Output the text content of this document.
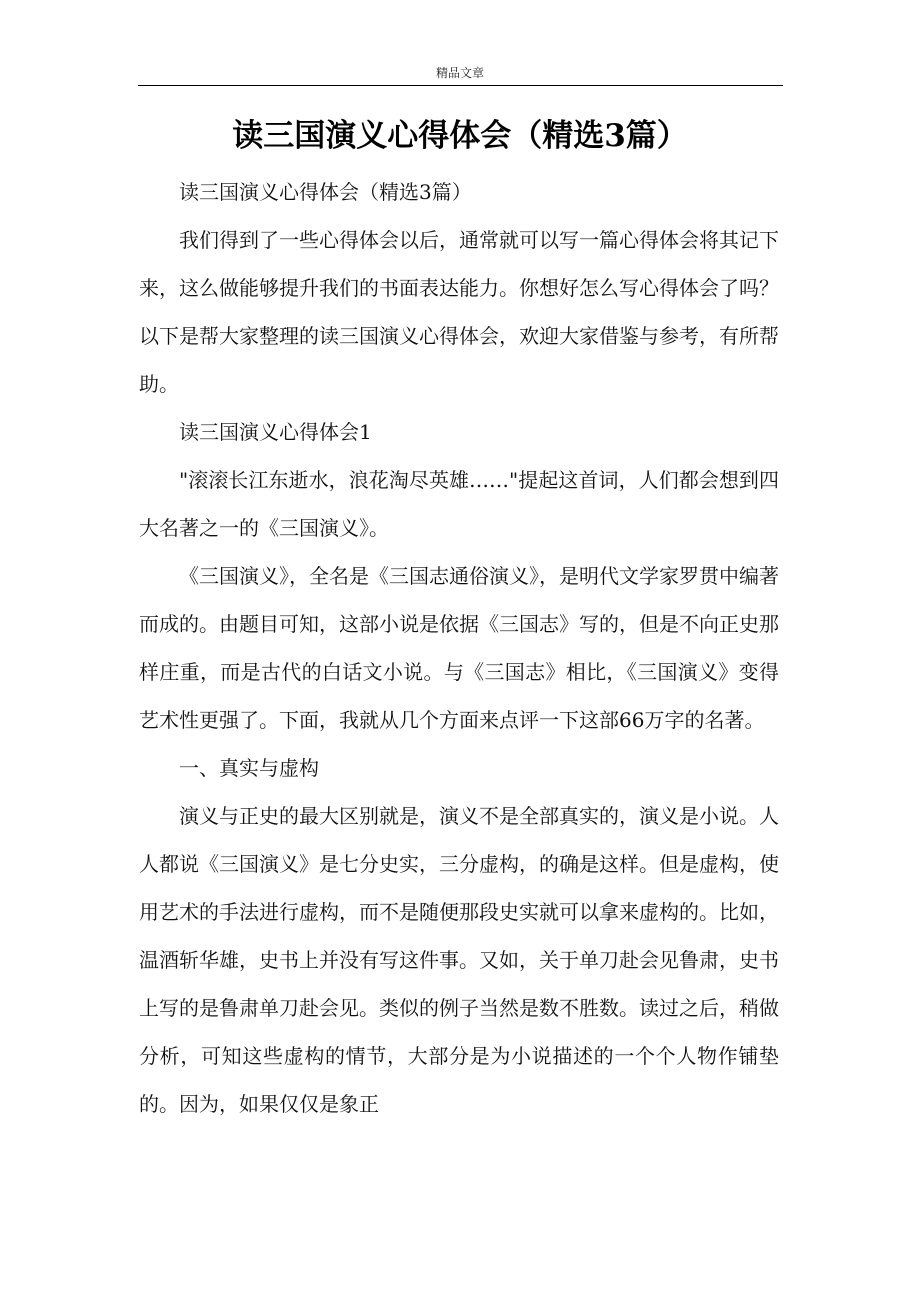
精品文章
读三国演义心得体会（精选3篇）

读三国演义心得体会（精选3篇）

我们得到了一些心得体会以后，通常就可以写一篇心得体会将其记下来，这么做能够提升我们的书面表达能力。你想好怎么写心得体会了吗？以下是帮大家整理的读三国演义心得体会，欢迎大家借鉴与参考，有所帮助。

读三国演义心得体会1

"滚滚长江东逝水，浪花淘尽英雄……"提起这首词，人们都会想到四大名著之一的《三国演义》。

《三国演义》，全名是《三国志通俗演义》，是明代文学家罗贯中编著而成的。由题目可知，这部小说是依据《三国志》写的，但是不向正史那样庄重，而是古代的白话文小说。与《三国志》相比，《三国演义》变得艺术性更强了。下面，我就从几个方面来点评一下这部66万字的名著。

一、真实与虚构

演义与正史的最大区别就是，演义不是全部真实的，演义是小说。人人都说《三国演义》是七分史实，三分虚构，的确是这样。但是虚构，使用艺术的手法进行虚构，而不是随便那段史实就可以拿来虚构的。比如，温酒斩华雄，史书上并没有写这件事。又如，关于单刀赴会见鲁肃，史书上写的是鲁肃单刀赴会见。类似的例子当然是数不胜数。读过之后，稍做分析，可知这些虚构的情节，大部分是为小说描述的一个个人物作铺垫的。因为，如果仅仅是象正
